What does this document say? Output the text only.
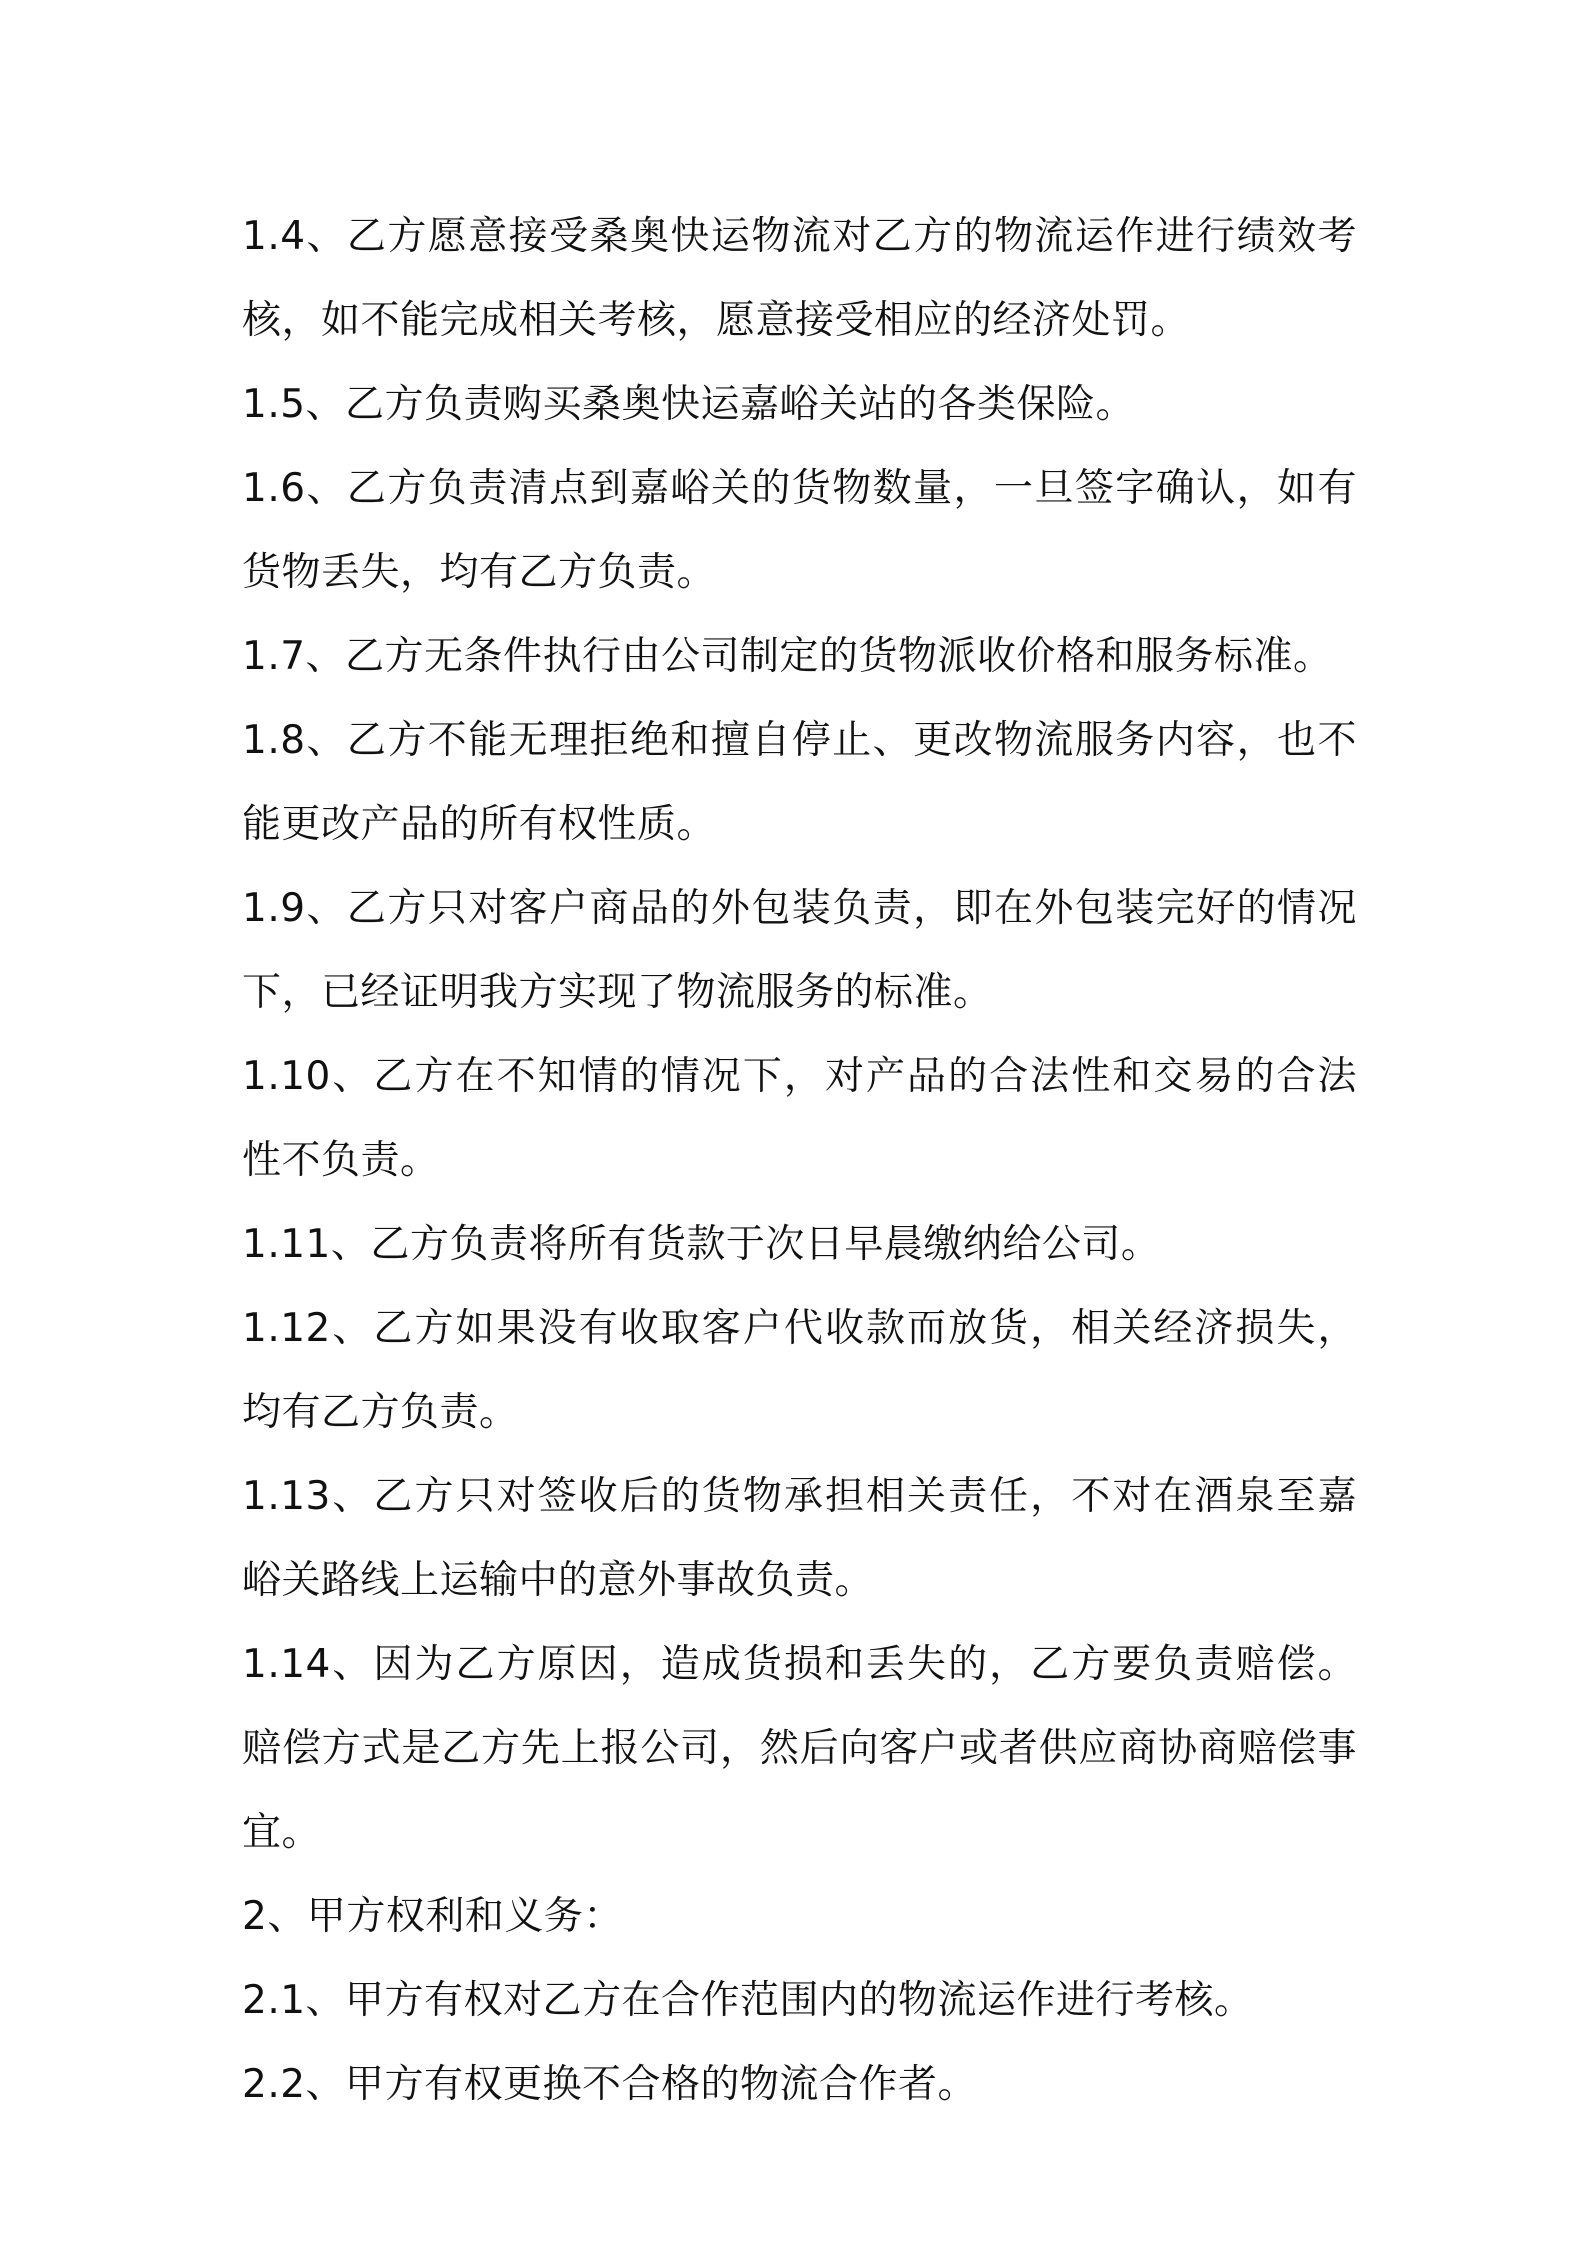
1.4、乙方愿意接受桑奥快运物流对乙方的物流运作进行绩效考核，如不能完成相关考核，愿意接受相应的经济处罚。

1.5、乙方负责购买桑奥快运嘉峪关站的各类保险。

1.6、乙方负责清点到嘉峪关的货物数量，一旦签字确认，如有货物丢失，均有乙方负责。

1.7、乙方无条件执行由公司制定的货物派收价格和服务标准。

1.8、乙方不能无理拒绝和擅自停止、更改物流服务内容，也不能更改产品的所有权性质。

1.9、乙方只对客户商品的外包装负责，即在外包装完好的情况下，已经证明我方实现了物流服务的标准。

1.10、乙方在不知情的情况下，对产品的合法性和交易的合法性不负责。

1.11、乙方负责将所有货款于次日早晨缴纳给公司。

1.12、乙方如果没有收取客户代收款而放货，相关经济损失，均有乙方负责。

1.13、乙方只对签收后的货物承担相关责任，不对在酒泉至嘉峪关路线上运输中的意外事故负责。

1.14、因为乙方原因，造成货损和丢失的，乙方要负责赔偿。赔偿方式是乙方先上报公司，然后向客户或者供应商协商赔偿事宜。

2、甲方权利和义务：

2.1、甲方有权对乙方在合作范围内的物流运作进行考核。

2.2、甲方有权更换不合格的物流合作者。
